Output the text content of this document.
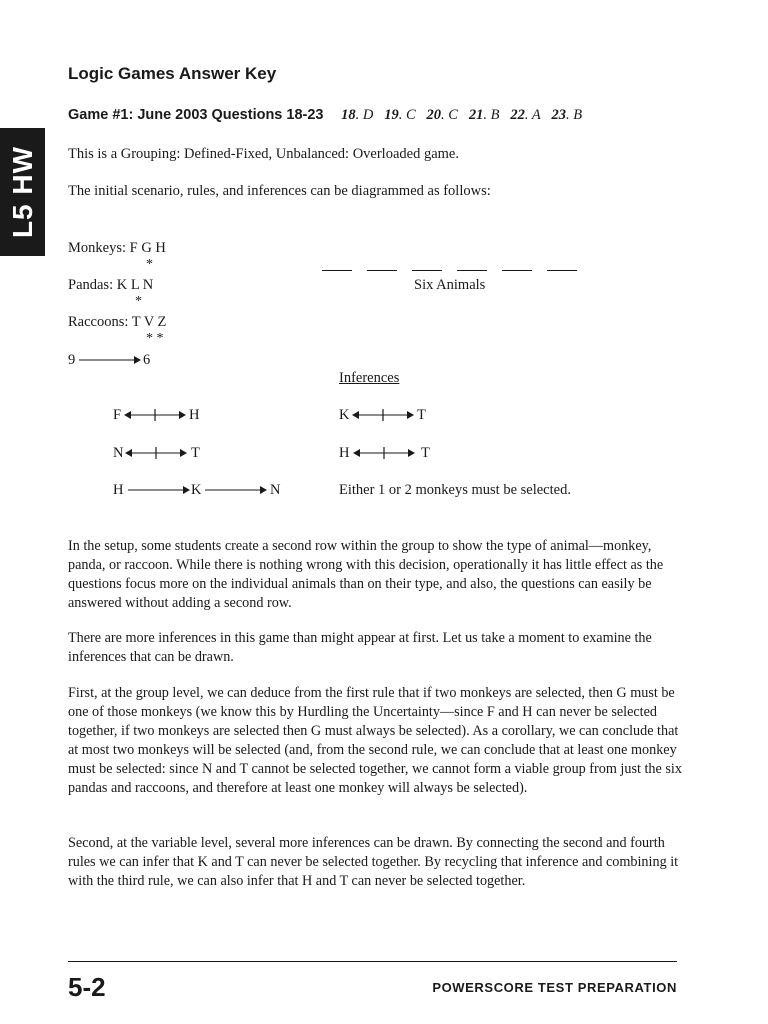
L5 HW
Logic Games Answer Key
Game #1: June 2003 Questions 18-23 18. D 19. C 20. C 21. B 22. A 23. B
This is a Grouping: Defined-Fixed, Unbalanced: Overloaded game.
The initial scenario, rules, and inferences can be diagrammed as follows:
Monkeys: F G H
*
Pandas: K L N
*
Raccoons: T V Z
* *
9	6
Six Animals
Inferences
F	H
N	T
H	K	N
K	T
H	T
Either 1 or 2 monkeys must be selected.
In the setup, some students create a second row within the group to show the type of animal—monkey, panda, or raccoon. While there is nothing wrong with this decision, operationally it has little effect as the questions focus more on the individual animals than on their type, and also, the questions can easily be answered without adding a second row.
There are more inferences in this game than might appear at first. Let us take a moment to examine the inferences that can be drawn.
First, at the group level, we can deduce from the first rule that if two monkeys are selected, then G must be one of those monkeys (we know this by Hurdling the Uncertainty—since F and H can never be selected together, if two monkeys are selected then G must always be selected). As a corollary, we can conclude that at most two monkeys will be selected (and, from the second rule, we can conclude that at least one monkey must be selected: since N and T cannot be selected together, we cannot form a viable group from just the six pandas and raccoons, and therefore at least one monkey will always be selected).
Second, at the variable level, several more inferences can be drawn. By connecting the second and fourth rules we can infer that K and T can never be selected together. By recycling that inference and combining it with the third rule, we can also infer that H and T can never be selected together.
5-2	POWERSCORE TEST PREPARATION
